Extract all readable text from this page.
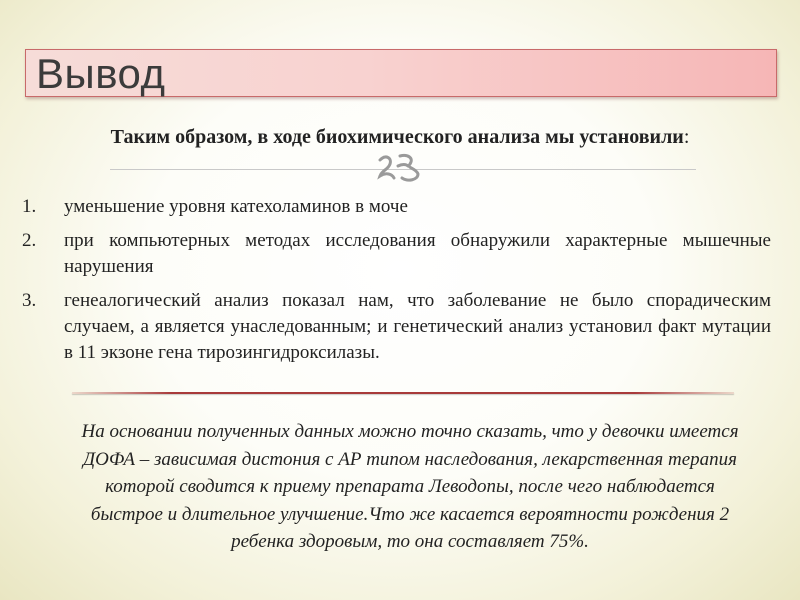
Вывод
Таким образом, в ходе биохимического анализа мы установили:
1. уменьшение уровня катехоламинов в моче
2. при компьютерных методах исследования обнаружили характерные мышечные нарушения
3. генеалогический анализ показал нам, что заболевание не было спорадическим случаем, а является унаследованным; и генетический анализ установил факт мутации в 11 экзоне гена тирозингидроксилазы.
На основании полученных данных можно точно сказать, что у девочки имеется ДОФА – зависимая дистония с АР типом наследования, лекарственная терапия которой сводится к приему препарата Леводопы, после чего наблюдается быстрое и длительное улучшение.Что же касается вероятности рождения 2 ребенка здоровым, то она составляет 75%.
